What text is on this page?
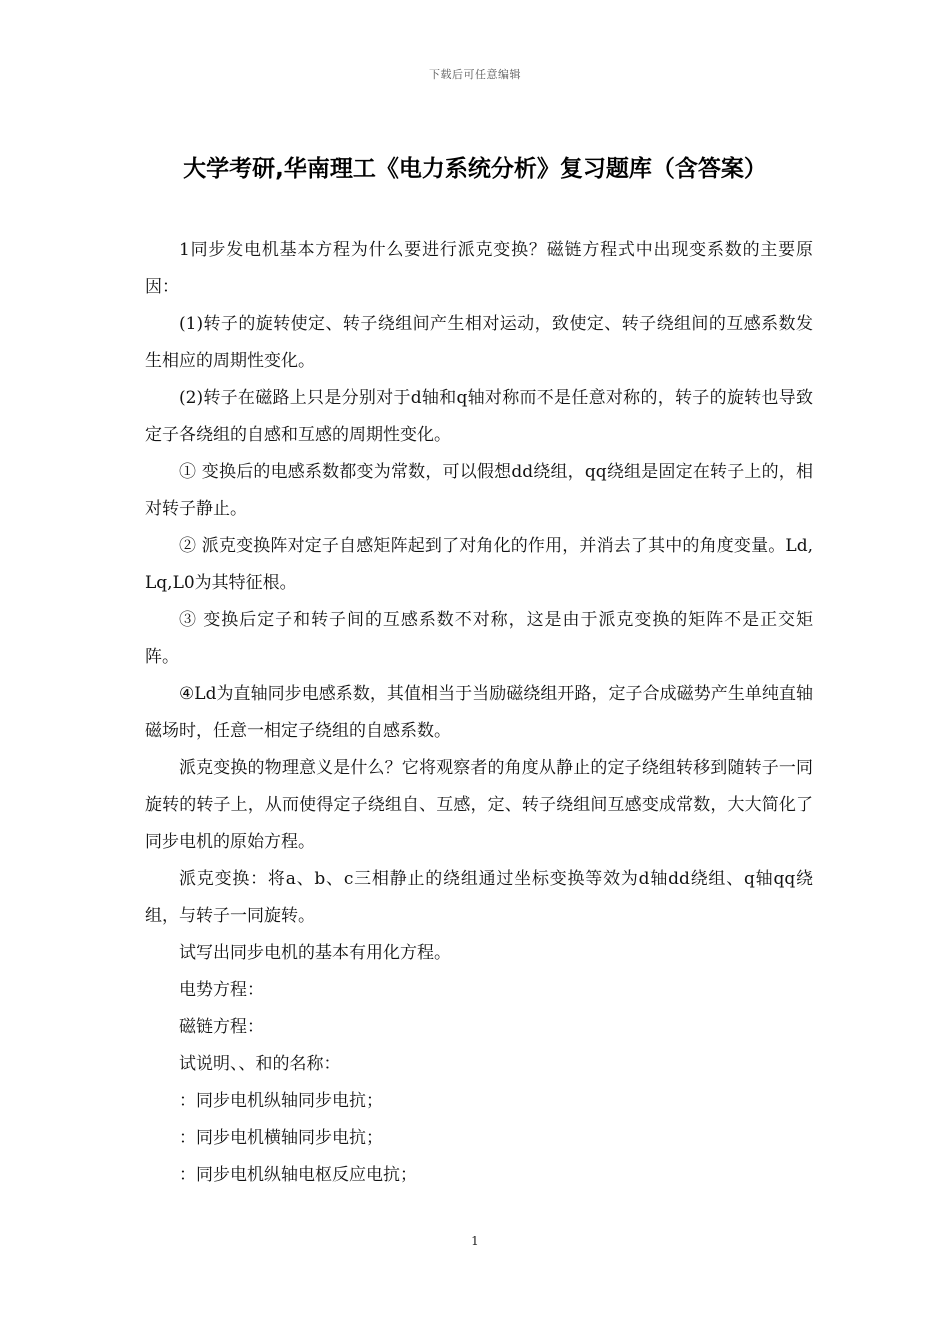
下载后可任意编辑
大学考研,华南理工《电力系统分析》复习题库（含答案）

1同步发电机基本方程为什么要进行派克变换？磁链方程式中出现变系数的主要原因：

(1)转子的旋转使定、转子绕组间产生相对运动，致使定、转子绕组间的互感系数发生相应的周期性变化。

(2)转子在磁路上只是分别对于d轴和q轴对称而不是任意对称的，转子的旋转也导致定子各绕组的自感和互感的周期性变化。

① 变换后的电感系数都变为常数，可以假想dd绕组，qq绕组是固定在转子上的，相对转子静止。

② 派克变换阵对定子自感矩阵起到了对角化的作用，并消去了其中的角度变量。Ld,Lq,L0为其特征根。

③ 变换后定子和转子间的互感系数不对称，这是由于派克变换的矩阵不是正交矩阵。

④Ld为直轴同步电感系数，其值相当于当励磁绕组开路，定子合成磁势产生单纯直轴磁场时，任意一相定子绕组的自感系数。

派克变换的物理意义是什么？它将观察者的角度从静止的定子绕组转移到随转子一同旋转的转子上，从而使得定子绕组自、互感，定、转子绕组间互感变成常数，大大简化了同步电机的原始方程。

派克变换：将a、b、c三相静止的绕组通过坐标变换等效为d轴dd绕组、q轴qq绕组，与转子一同旋转。

试写出同步电机的基本有用化方程。

电势方程：

磁链方程：

试说明、、和的名称：

：同步电机纵轴同步电抗；

：同步电机横轴同步电抗；

：同步电机纵轴电枢反应电抗；

1
